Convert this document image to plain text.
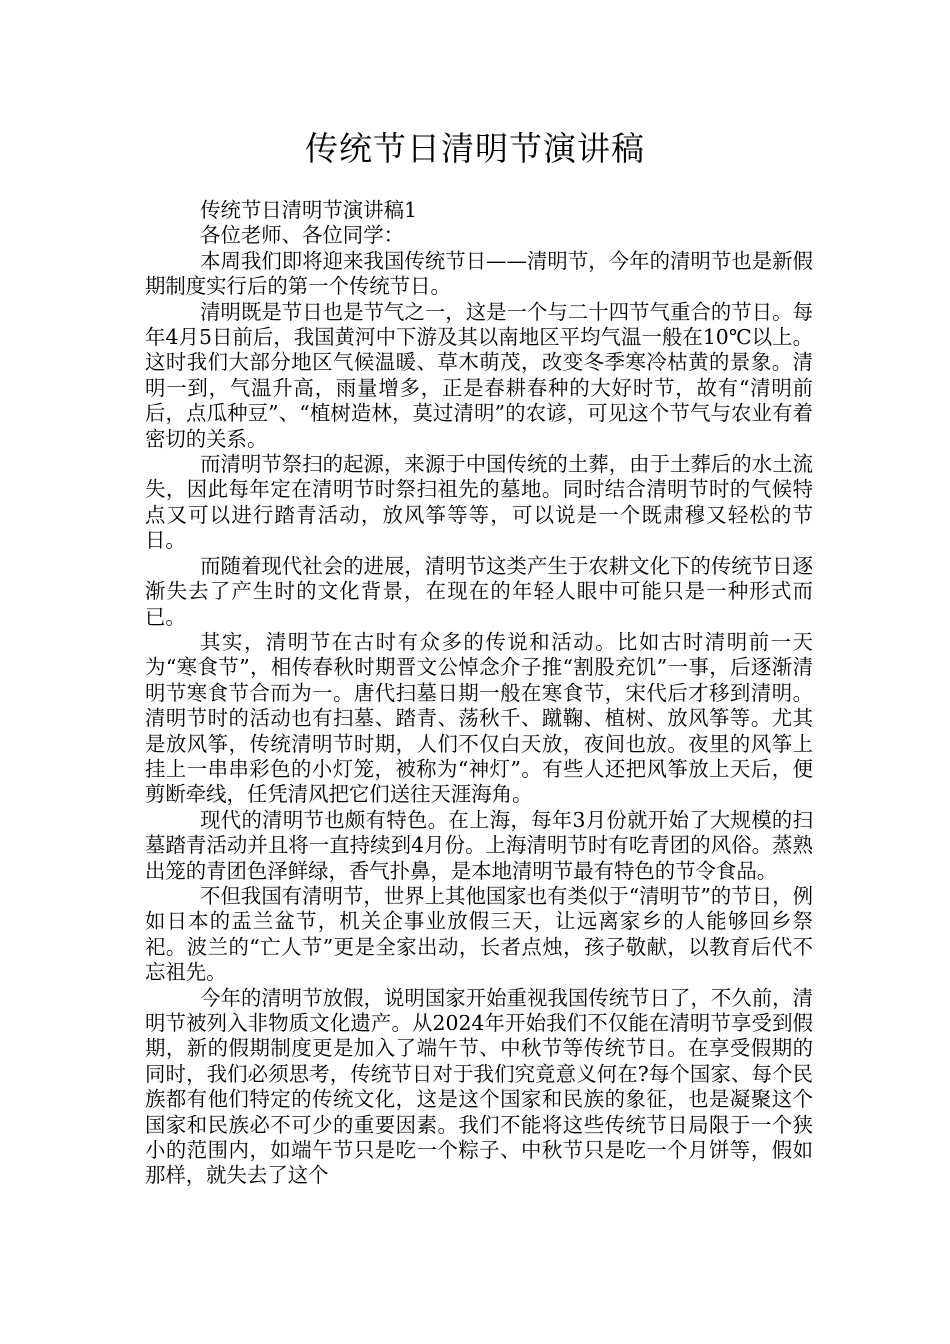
传统节日清明节演讲稿

传统节日清明节演讲稿1

各位老师、各位同学：

本周我们即将迎来我国传统节日——清明节，今年的清明节也是新假期制度实行后的第一个传统节日。

清明既是节日也是节气之一，这是一个与二十四节气重合的节日。每年4月5日前后，我国黄河中下游及其以南地区平均气温一般在10℃以上。这时我们大部分地区气候温暖、草木萌茂，改变冬季寒冷枯黄的景象。清明一到，气温升高，雨量增多，正是春耕春种的大好时节，故有“清明前后，点瓜种豆”、“植树造林，莫过清明”的农谚，可见这个节气与农业有着密切的关系。

而清明节祭扫的起源，来源于中国传统的土葬，由于土葬后的水土流失，因此每年定在清明节时祭扫祖先的墓地。同时结合清明节时的气候特点又可以进行踏青活动，放风筝等等，可以说是一个既肃穆又轻松的节日。

而随着现代社会的进展，清明节这类产生于农耕文化下的传统节日逐渐失去了产生时的文化背景，在现在的年轻人眼中可能只是一种形式而已。

其实，清明节在古时有众多的传说和活动。比如古时清明前一天为“寒食节”，相传春秋时期晋文公悼念介子推“割股充饥”一事，后逐渐清明节寒食节合而为一。唐代扫墓日期一般在寒食节，宋代后才移到清明。清明节时的活动也有扫墓、踏青、荡秋千、蹴鞠、植树、放风筝等。尤其是放风筝，传统清明节时期，人们不仅白天放，夜间也放。夜里的风筝上挂上一串串彩色的小灯笼，被称为“神灯”。有些人还把风筝放上天后，便剪断牵线，任凭清风把它们送往天涯海角。

现代的清明节也颇有特色。在上海，每年3月份就开始了大规模的扫墓踏青活动并且将一直持续到4月份。上海清明节时有吃青团的风俗。蒸熟出笼的青团色泽鲜绿，香气扑鼻，是本地清明节最有特色的节令食品。

不但我国有清明节，世界上其他国家也有类似于“清明节”的节日，例如日本的盂兰盆节，机关企事业放假三天，让远离家乡的人能够回乡祭祀。波兰的“亡人节”更是全家出动，长者点烛，孩子敬献，以教育后代不忘祖先。

今年的清明节放假，说明国家开始重视我国传统节日了，不久前，清明节被列入非物质文化遗产。从2024年开始我们不仅能在清明节享受到假期，新的假期制度更是加入了端午节、中秋节等传统节日。在享受假期的同时，我们必须思考，传统节日对于我们究竟意义何在?每个国家、每个民族都有他们特定的传统文化，这是这个国家和民族的象征，也是凝聚这个国家和民族必不可少的重要因素。我们不能将这些传统节日局限于一个狭小的范围内，如端午节只是吃一个粽子、中秋节只是吃一个月饼等，假如那样，就失去了这个
